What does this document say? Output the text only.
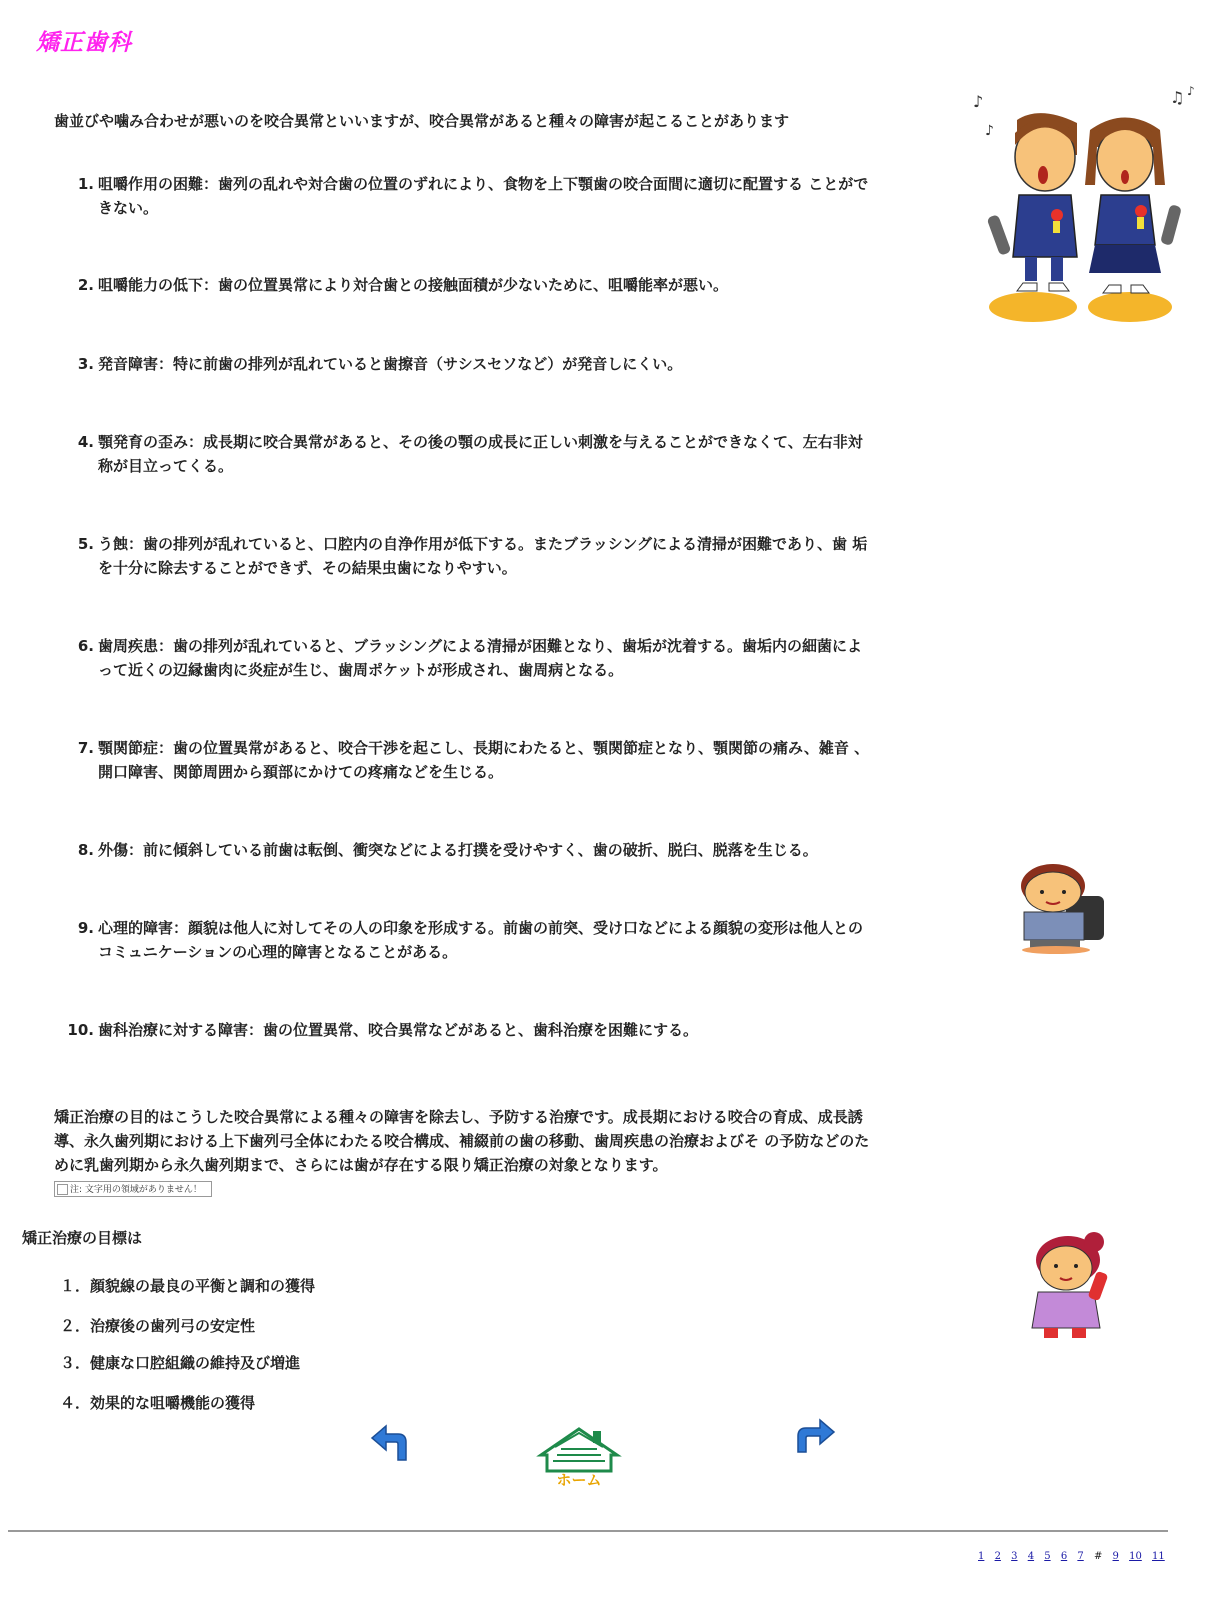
矯正歯科

歯並びや噛み合わせが悪いのを咬合異常といいますが、咬合異常があると種々の障害が起こることがあります

1. 咀嚼作用の困難：歯列の乱れや対合歯の位置のずれにより、食物を上下顎歯の咬合面間に適切に配置する ことができない。
2. 咀嚼能力の低下：歯の位置異常により対合歯との接触面積が少ないために、咀嚼能率が悪い。
3. 発音障害：特に前歯の排列が乱れていると歯擦音（サシスセソなど）が発音しにくい。
4. 顎発育の歪み：成長期に咬合異常があると、その後の顎の成長に正しい刺激を与えることができなくて、左右非対称が目立ってくる。
5. う蝕：歯の排列が乱れていると、口腔内の自浄作用が低下する。またブラッシングによる清掃が困難であり、歯 垢を十分に除去することができず、その結果虫歯になりやすい。
6. 歯周疾患：歯の排列が乱れていると、ブラッシングによる清掃が困難となり、歯垢が沈着する。歯垢内の細菌によって近くの辺縁歯肉に炎症が生じ、歯周ポケットが形成され、歯周病となる。
7. 顎関節症：歯の位置異常があると、咬合干渉を起こし、長期にわたると、顎関節症となり、顎関節の痛み、雑音 、開口障害、関節周囲から頚部にかけての疼痛などを生じる。
8. 外傷：前に傾斜している前歯は転倒、衝突などによる打撲を受けやすく、歯の破折、脱臼、脱落を生じる。
9. 心理的障害：顔貌は他人に対してその人の印象を形成する。前歯の前突、受け口などによる顔貌の変形は他人とのコミュニケーションの心理的障害となることがある。
10. 歯科治療に対する障害：歯の位置異常、咬合異常などがあると、歯科治療を困難にする。

矯正治療の目的はこうした咬合異常による種々の障害を除去し、予防する治療です。成長期における咬合の育成、成長誘導、永久歯列期における上下歯列弓全体にわたる咬合構成、補綴前の歯の移動、歯周疾患の治療およびそ の予防などのために乳歯列期から永久歯列期まで、さらには歯が存在する限り矯正治療の対象となります。

注: 文字用の領域がありません！

矯正治療の目標は

１．顔貌線の最良の平衡と調和の獲得
２．治療後の歯列弓の安定性
３．健康な口腔組織の維持及び増進
４．効果的な咀嚼機能の獲得
♪
♪
♫ ♪
ホーム
1 2 3 4 5 6 7 # 9 10 11
